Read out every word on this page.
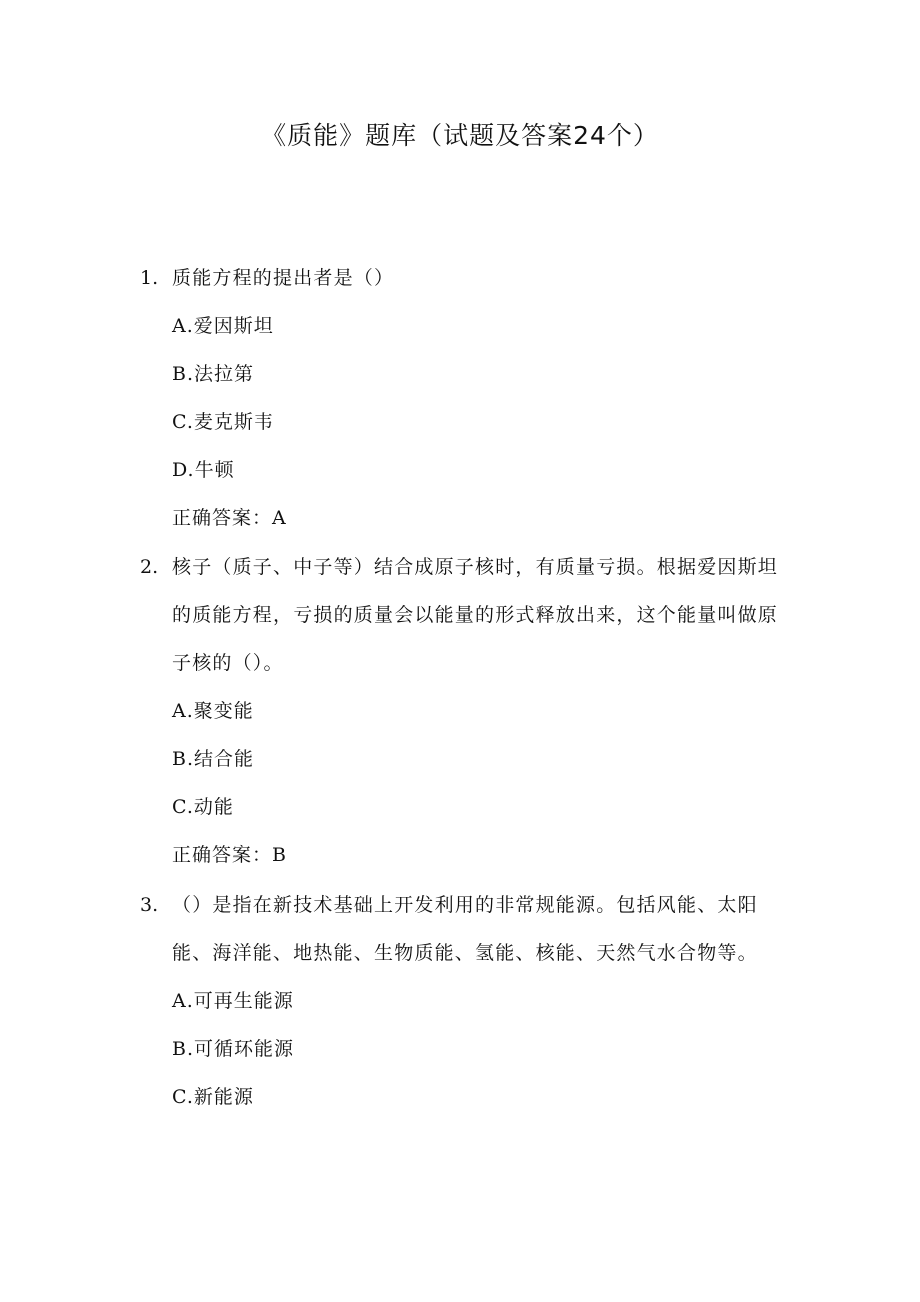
《质能》题库（试题及答案24个）
1. 质能方程的提出者是（）
A.爱因斯坦
B.法拉第
C.麦克斯韦
D.牛顿
正确答案：A
2. 核子（质子、中子等）结合成原子核时，有质量亏损。根据爱因斯坦的质能方程，亏损的质量会以能量的形式释放出来，这个能量叫做原子核的（）。
A.聚变能
B.结合能
C.动能
正确答案：B
3. （）是指在新技术基础上开发利用的非常规能源。包括风能、太阳能、海洋能、地热能、生物质能、氢能、核能、天然气水合物等。
A.可再生能源
B.可循环能源
C.新能源
